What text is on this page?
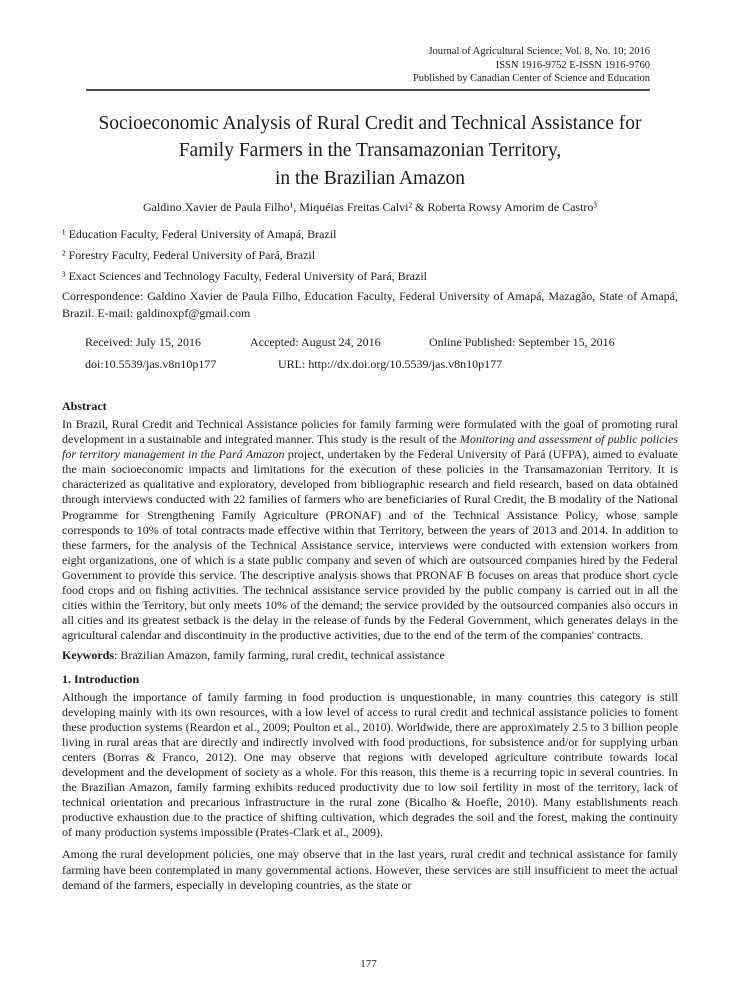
Journal of Agricultural Science; Vol. 8, No. 10; 2016
ISSN 1916-9752 E-ISSN 1916-9760
Published by Canadian Center of Science and Education
Socioeconomic Analysis of Rural Credit and Technical Assistance for
Family Farmers in the Transamazonian Territory,
in the Brazilian Amazon
Galdino Xavier de Paula Filho¹, Miquéias Freitas Calvi² & Roberta Rowsy Amorim de Castro³
¹ Education Faculty, Federal University of Amapá, Brazil
² Forestry Faculty, Federal University of Pará, Brazil
³ Exact Sciences and Technology Faculty, Federal University of Pará, Brazil
Correspondence: Galdino Xavier de Paula Filho, Education Faculty, Federal University of Amapá, Mazagão, State of Amapá, Brazil. E-mail: galdinoxpf@gmail.com
Received: July 15, 2016	Accepted: August 24, 2016	Online Published: September 15, 2016
doi:10.5539/jas.v8n10p177	URL: http://dx.doi.org/10.5539/jas.v8n10p177
Abstract

In Brazil, Rural Credit and Technical Assistance policies for family farming were formulated with the goal of promoting rural development in a sustainable and integrated manner. This study is the result of the Monitoring and assessment of public policies for territory management in the Pará Amazon project, undertaken by the Federal University of Pará (UFPA), aimed to evaluate the main socioeconomic impacts and limitations for the execution of these policies in the Transamazonian Territory. It is characterized as qualitative and exploratory, developed from bibliographic research and field research, based on data obtained through interviews conducted with 22 families of farmers who are beneficiaries of Rural Credit, the B modality of the National Programme for Strengthening Family Agriculture (PRONAF) and of the Technical Assistance Policy, whose sample corresponds to 10% of total contracts made effective within that Territory, between the years of 2013 and 2014. In addition to these farmers, for the analysis of the Technical Assistance service, interviews were conducted with extension workers from eight organizations, one of which is a state public company and seven of which are outsourced companies hired by the Federal Government to provide this service. The descriptive analysis shows that PRONAF B focuses on areas that produce short cycle food crops and on fishing activities. The technical assistance service provided by the public company is carried out in all the cities within the Territory, but only meets 10% of the demand; the service provided by the outsourced companies also occurs in all cities and its greatest setback is the delay in the release of funds by the Federal Government, which generates delays in the agricultural calendar and discontinuity in the productive activities, due to the end of the term of the companies' contracts.

Keywords: Brazilian Amazon, family farming, rural credit, technical assistance
1. Introduction

Although the importance of family farming in food production is unquestionable, in many countries this category is still developing mainly with its own resources, with a low level of access to rural credit and technical assistance policies to foment these production systems (Reardon et al., 2009; Poulton et al., 2010). Worldwide, there are approximately 2.5 to 3 billion people living in rural areas that are directly and indirectly involved with food productions, for subsistence and/or for supplying urban centers (Borras & Franco, 2012). One may observe that regions with developed agriculture contribute towards local development and the development of society as a whole. For this reason, this theme is a recurring topic in several countries. In the Brazilian Amazon, family farming exhibits reduced productivity due to low soil fertility in most of the territory, lack of technical orientation and precarious infrastructure in the rural zone (Bicalho & Hoefle, 2010). Many establishments reach productive exhaustion due to the practice of shifting cultivation, which degrades the soil and the forest, making the continuity of many production systems impossible (Prates-Clark et al., 2009).

Among the rural development policies, one may observe that in the last years, rural credit and technical assistance for family farming have been contemplated in many governmental actions. However, these services are still insufficient to meet the actual demand of the farmers, especially in developing countries, as the state or

177
